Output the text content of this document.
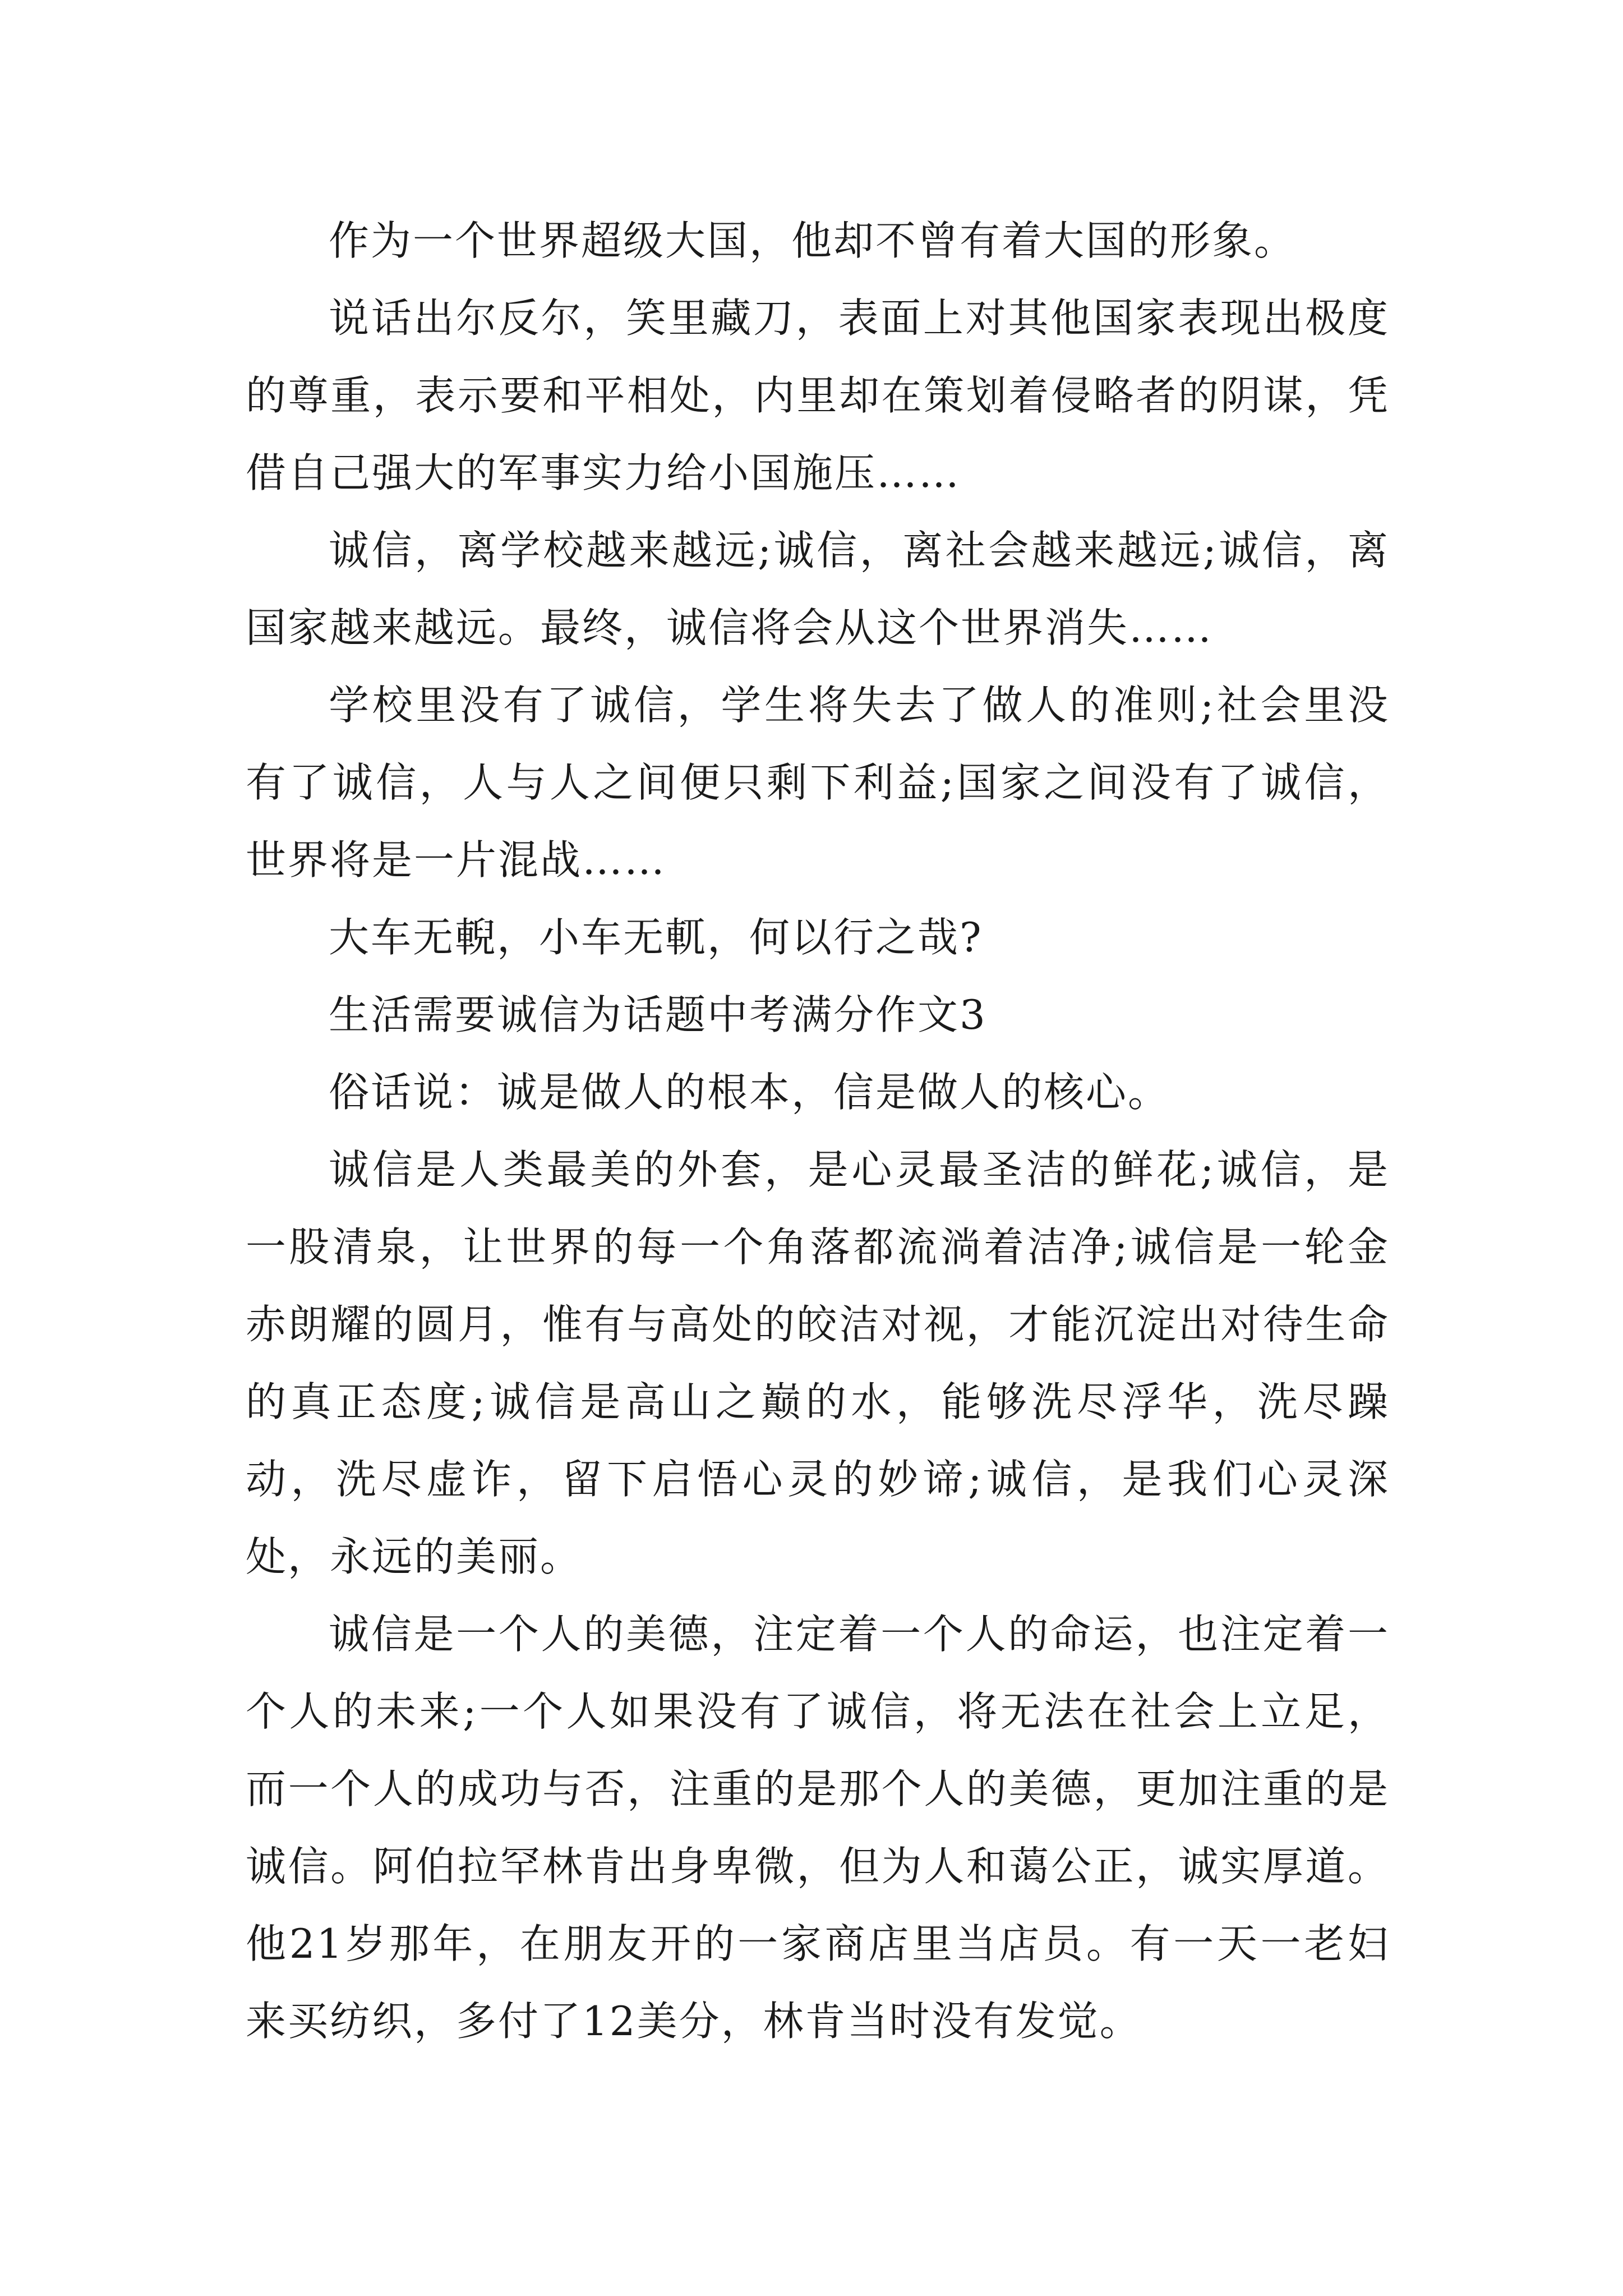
作为一个世界超级大国，他却不曾有着大国的形象。

说话出尔反尔，笑里藏刀，表面上对其他国家表现出极度的尊重，表示要和平相处，内里却在策划着侵略者的阴谋，凭借自己强大的军事实力给小国施压……

诚信，离学校越来越远;诚信，离社会越来越远;诚信，离国家越来越远。最终，诚信将会从这个世界消失……

学校里没有了诚信，学生将失去了做人的准则;社会里没有了诚信，人与人之间便只剩下利益;国家之间没有了诚信，世界将是一片混战……

大车无輗，小车无軏，何以行之哉?

生活需要诚信为话题中考满分作文3

俗话说：诚是做人的根本，信是做人的核心。

诚信是人类最美的外套，是心灵最圣洁的鲜花;诚信，是一股清泉，让世界的每一个角落都流淌着洁净;诚信是一轮金赤朗耀的圆月，惟有与高处的皎洁对视，才能沉淀出对待生命的真正态度;诚信是高山之巅的水，能够洗尽浮华，洗尽躁动，洗尽虚诈，留下启悟心灵的妙谛;诚信，是我们心灵深处，永远的美丽。

诚信是一个人的美德，注定着一个人的命运，也注定着一个人的未来;一个人如果没有了诚信，将无法在社会上立足，而一个人的成功与否，注重的是那个人的美德，更加注重的是诚信。阿伯拉罕林肯出身卑微，但为人和蔼公正，诚实厚道。他21岁那年，在朋友开的一家商店里当店员。有一天一老妇来买纺织，多付了12美分，林肯当时没有发觉。
